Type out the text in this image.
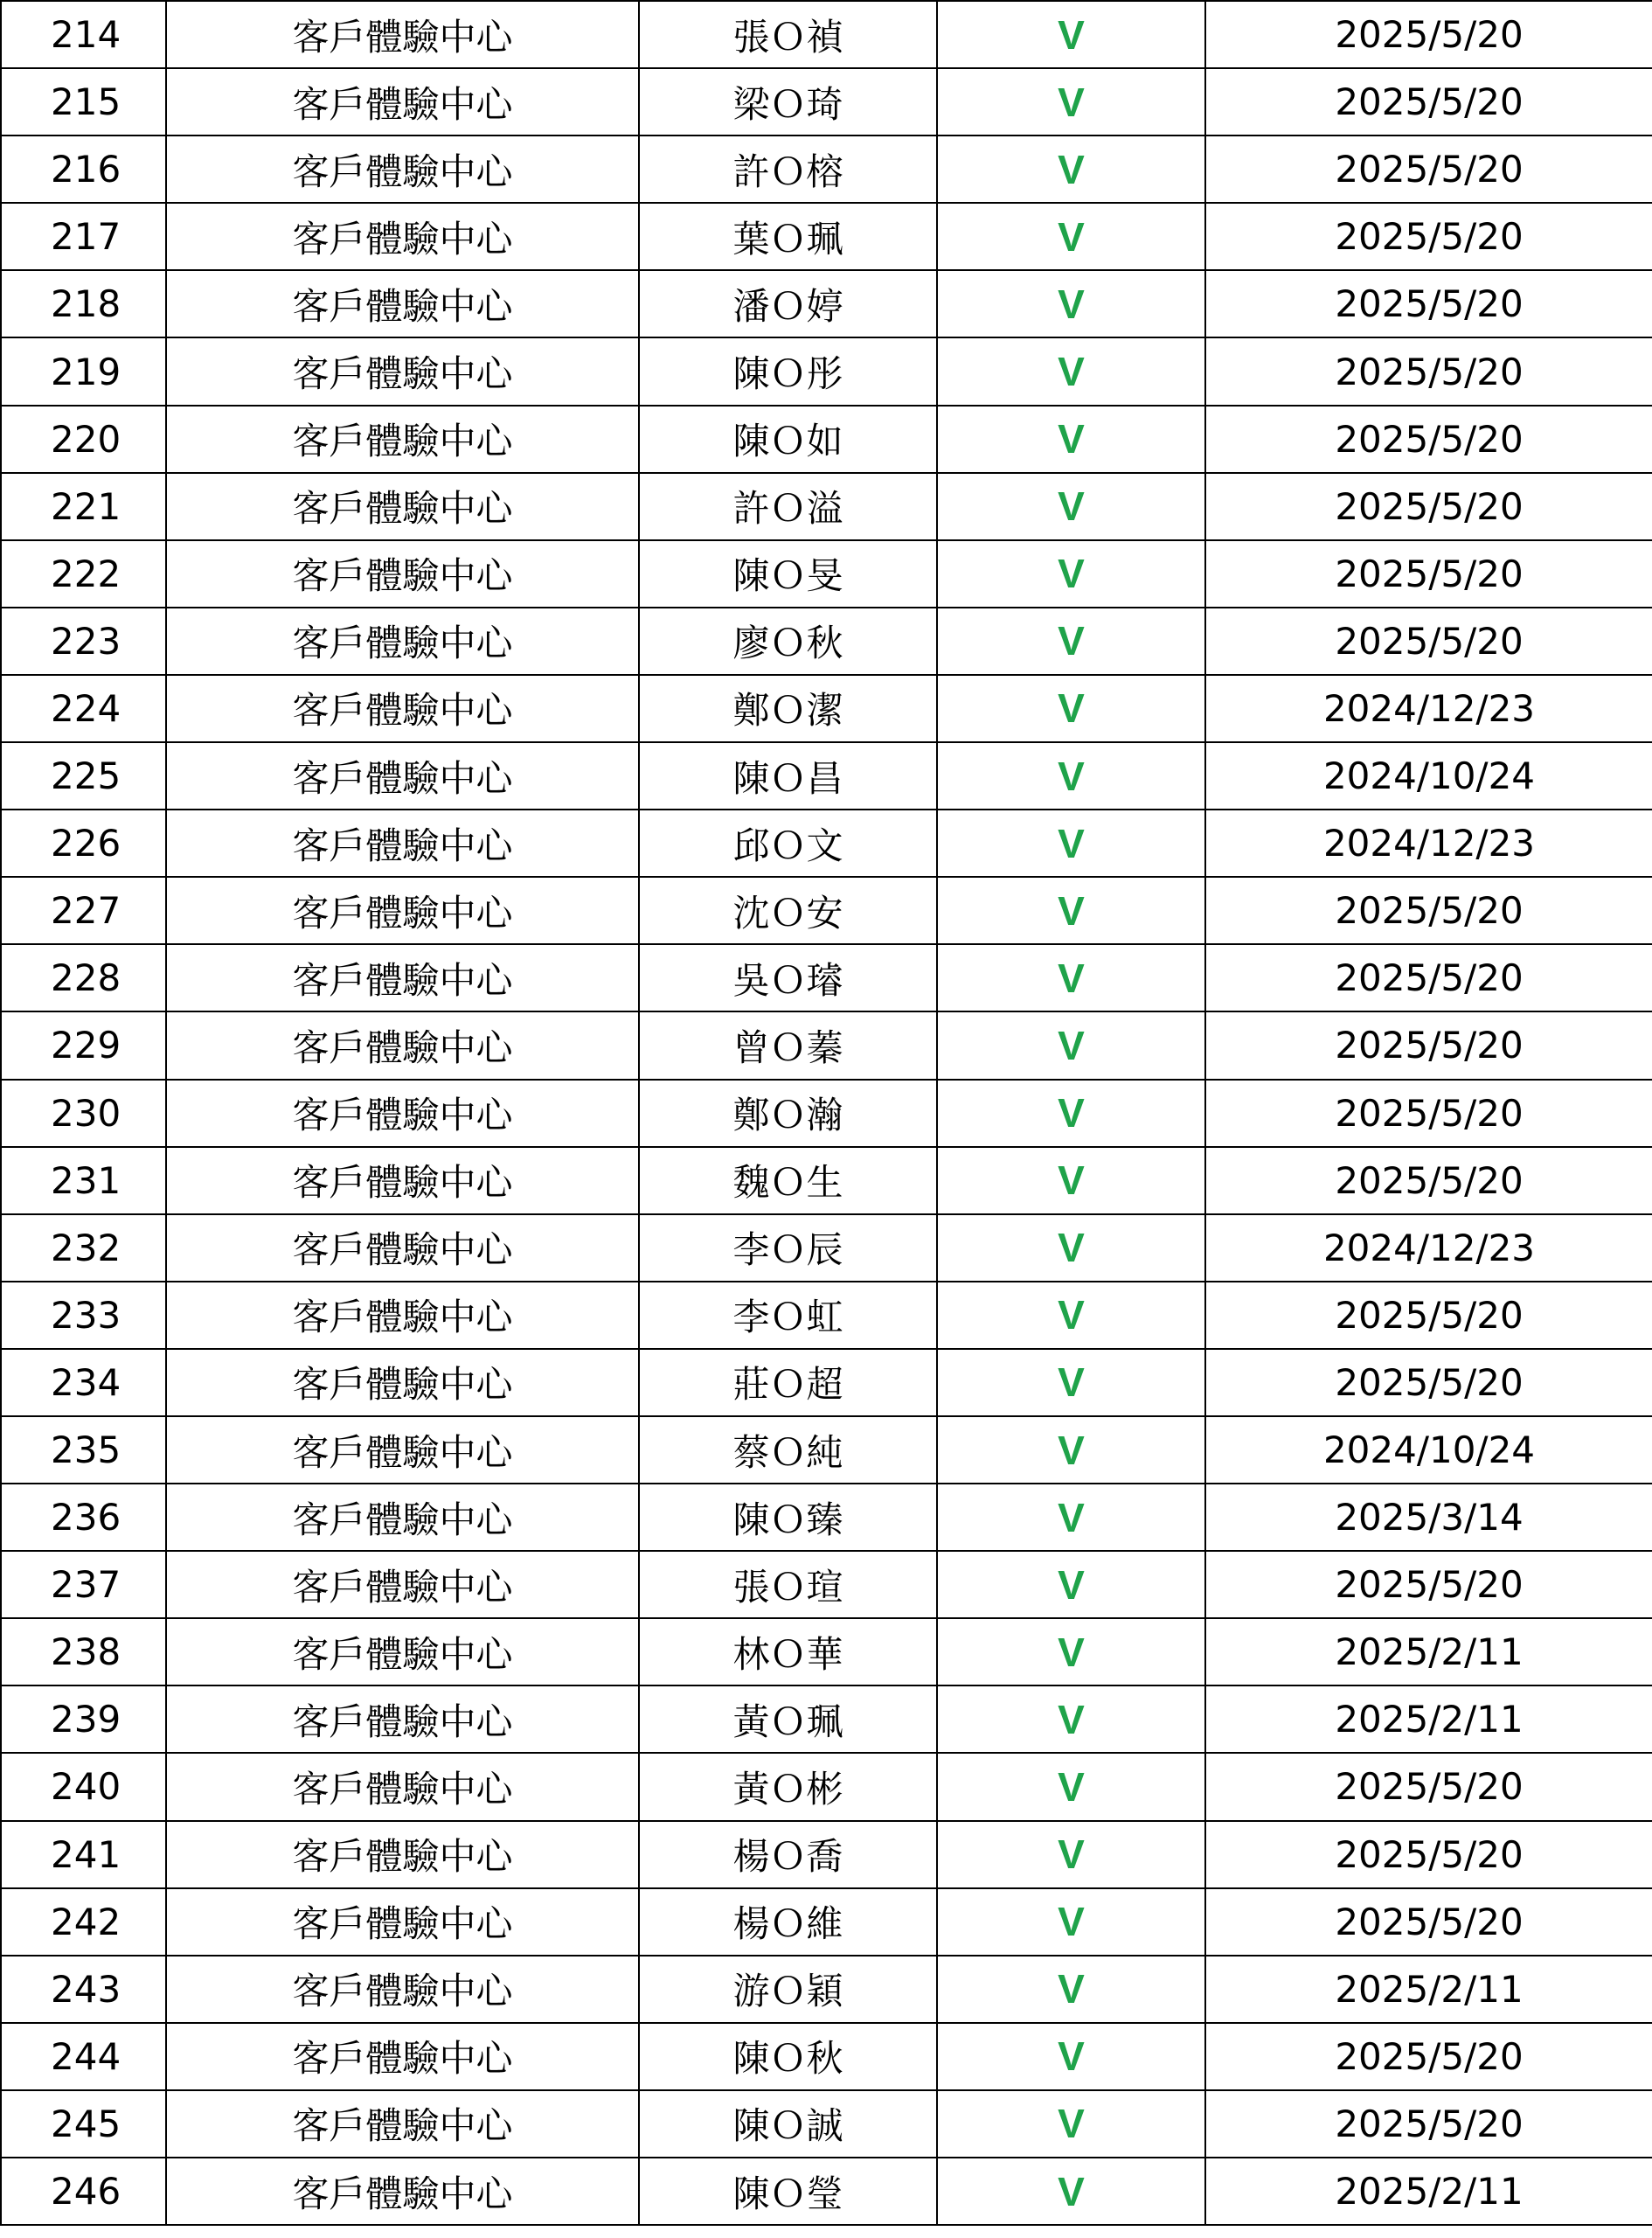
214	客戶體驗中心	張Ｏ禎	V	2025/5/20
215	客戶體驗中心	梁Ｏ琦	V	2025/5/20
216	客戶體驗中心	許Ｏ榕	V	2025/5/20
217	客戶體驗中心	葉Ｏ珮	V	2025/5/20
218	客戶體驗中心	潘Ｏ婷	V	2025/5/20
219	客戶體驗中心	陳Ｏ彤	V	2025/5/20
220	客戶體驗中心	陳Ｏ如	V	2025/5/20
221	客戶體驗中心	許Ｏ溢	V	2025/5/20
222	客戶體驗中心	陳Ｏ旻	V	2025/5/20
223	客戶體驗中心	廖Ｏ秋	V	2025/5/20
224	客戶體驗中心	鄭Ｏ潔	V	2024/12/23
225	客戶體驗中心	陳Ｏ昌	V	2024/10/24
226	客戶體驗中心	邱Ｏ文	V	2024/12/23
227	客戶體驗中心	沈Ｏ安	V	2025/5/20
228	客戶體驗中心	吳Ｏ璿	V	2025/5/20
229	客戶體驗中心	曾Ｏ蓁	V	2025/5/20
230	客戶體驗中心	鄭Ｏ瀚	V	2025/5/20
231	客戶體驗中心	魏Ｏ生	V	2025/5/20
232	客戶體驗中心	李Ｏ辰	V	2024/12/23
233	客戶體驗中心	李Ｏ虹	V	2025/5/20
234	客戶體驗中心	莊Ｏ超	V	2025/5/20
235	客戶體驗中心	蔡Ｏ純	V	2024/10/24
236	客戶體驗中心	陳Ｏ臻	V	2025/3/14
237	客戶體驗中心	張Ｏ瑄	V	2025/5/20
238	客戶體驗中心	林Ｏ華	V	2025/2/11
239	客戶體驗中心	黃Ｏ珮	V	2025/2/11
240	客戶體驗中心	黃Ｏ彬	V	2025/5/20
241	客戶體驗中心	楊Ｏ喬	V	2025/5/20
242	客戶體驗中心	楊Ｏ維	V	2025/5/20
243	客戶體驗中心	游Ｏ穎	V	2025/2/11
244	客戶體驗中心	陳Ｏ秋	V	2025/5/20
245	客戶體驗中心	陳Ｏ誠	V	2025/5/20
246	客戶體驗中心	陳Ｏ瑩	V	2025/2/11
